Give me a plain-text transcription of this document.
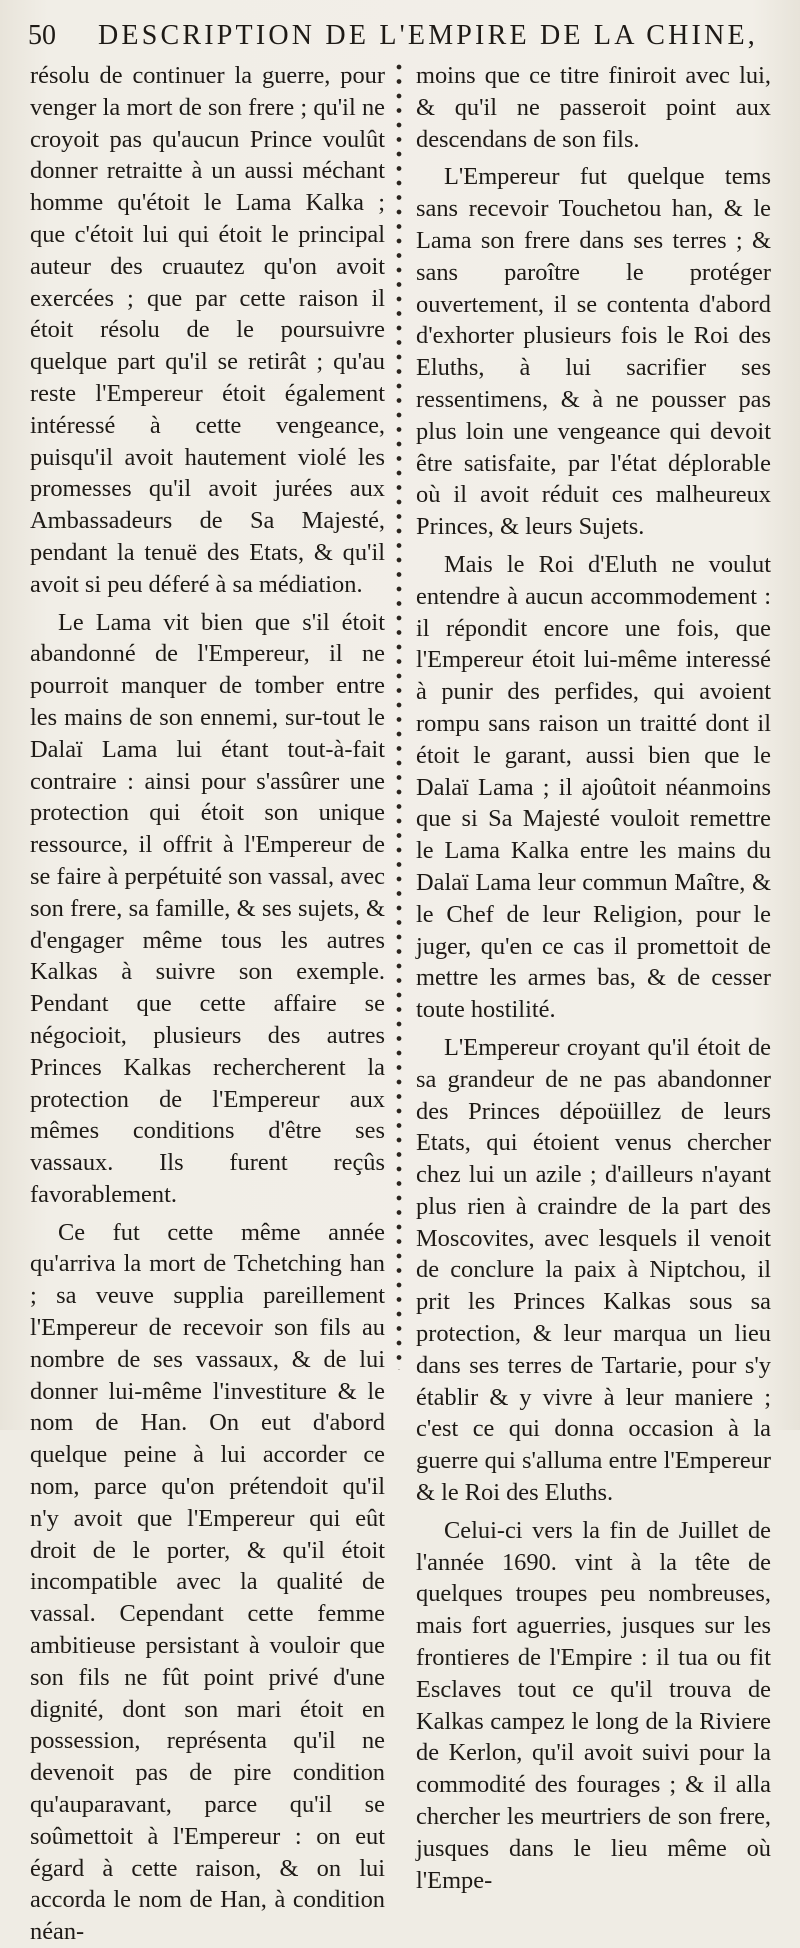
50 DESCRIPTION DE L'EMPIRE DE LA CHINE,

résolu de continuer la guerre, pour venger la mort de son frere ; qu'il ne croyoit pas qu'aucun Prince voulût donner retraitte à un aussi méchant homme qu'étoit le Lama Kalka ; que c'étoit lui qui étoit le principal auteur des cruautez qu'on avoit exercées ; que par cette raison il étoit résolu de le poursuivre quelque part qu'il se retirât ; qu'au reste l'Empereur étoit également intéressé à cette vengeance, puisqu'il avoit hautement violé les promesses qu'il avoit jurées aux Ambassadeurs de Sa Majesté, pendant la tenuë des Etats, & qu'il avoit si peu déferé à sa médiation.

Le Lama vit bien que s'il étoit abandonné de l'Empereur, il ne pourroit manquer de tomber entre les mains de son ennemi, sur-tout le Dalaï Lama lui étant tout-à-fait contraire : ainsi pour s'assûrer une protection qui étoit son unique ressource, il offrit à l'Empereur de se faire à perpétuité son vassal, avec son frere, sa famille, & ses sujets, & d'engager même tous les autres Kalkas à suivre son exemple. Pendant que cette affaire se négocioit, plusieurs des autres Princes Kalkas rechercherent la protection de l'Empereur aux mêmes conditions d'être ses vassaux. Ils furent reçûs favorablement.

Ce fut cette même année qu'arriva la mort de Tchetching han ; sa veuve supplia pareillement l'Empereur de recevoir son fils au nombre de ses vassaux, & de lui donner lui-même l'investiture & le nom de Han. On eut d'abord quelque peine à lui accorder ce nom, parce qu'on prétendoit qu'il n'y avoit que l'Empereur qui eût droit de le porter, & qu'il étoit incompatible avec la qualité de vassal. Cependant cette femme ambitieuse persistant à vouloir que son fils ne fût point privé d'une dignité, dont son mari étoit en possession, représenta qu'il ne devenoit pas de pire condition qu'auparavant, parce qu'il se soûmettoit à l'Empereur : on eut égard à cette raison, & on lui accorda le nom de Han, à condition néan-

moins que ce titre finiroit avec lui, & qu'il ne passeroit point aux descendans de son fils.

L'Empereur fut quelque tems sans recevoir Touchetou han, & le Lama son frere dans ses terres ; & sans paroître le protéger ouvertement, il se contenta d'abord d'exhorter plusieurs fois le Roi des Eluths, à lui sacrifier ses ressentimens, & à ne pousser pas plus loin une vengeance qui devoit être satisfaite, par l'état déplorable où il avoit réduit ces malheureux Princes, & leurs Sujets.

Mais le Roi d'Eluth ne voulut entendre à aucun accommodement : il répondit encore une fois, que l'Empereur étoit lui-même interessé à punir des perfides, qui avoient rompu sans raison un traitté dont il étoit le garant, aussi bien que le Dalaï Lama ; il ajoûtoit néanmoins que si Sa Majesté vouloit remettre le Lama Kalka entre les mains du Dalaï Lama leur commun Maître, & le Chef de leur Religion, pour le juger, qu'en ce cas il promettoit de mettre les armes bas, & de cesser toute hostilité.

L'Empereur croyant qu'il étoit de sa grandeur de ne pas abandonner des Princes dépoüillez de leurs Etats, qui étoient venus chercher chez lui un azile ; d'ailleurs n'ayant plus rien à craindre de la part des Moscovites, avec lesquels il venoit de conclure la paix à Niptchou, il prit les Princes Kalkas sous sa protection, & leur marqua un lieu dans ses terres de Tartarie, pour s'y établir & y vivre à leur maniere ; c'est ce qui donna occasion à la guerre qui s'alluma entre l'Empereur & le Roi des Eluths.

Celui-ci vers la fin de Juillet de l'année 1690. vint à la tête de quelques troupes peu nombreuses, mais fort aguerries, jusques sur les frontieres de l'Empire : il tua ou fit Esclaves tout ce qu'il trouva de Kalkas campez le long de la Riviere de Kerlon, qu'il avoit suivi pour la commodité des fourages ; & il alla chercher les meurtriers de son frere, jusques dans le lieu même où l'Empe-
